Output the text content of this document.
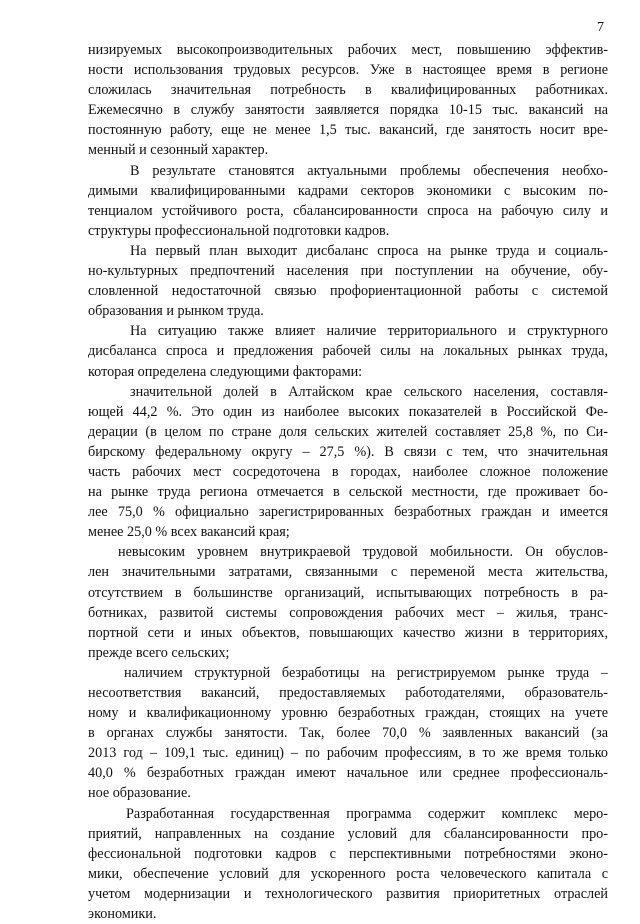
7
низируемых высокопроизводительных рабочих мест, повышению эффектив-
ности использования трудовых ресурсов. Уже в настоящее время в регионе
сложилась значительная потребность в квалифицированных работниках.
Ежемесячно в службу занятости заявляется порядка 10-15 тыс. вакансий на
постоянную работу, еще не менее 1,5 тыс. вакансий, где занятость носит вре-
менный и сезонный характер.
В результате становятся актуальными проблемы обеспечения необхо-
димыми квалифицированными кадрами секторов экономики с высоким по-
тенциалом устойчивого роста, сбалансированности спроса на рабочую силу и
структуры профессиональной подготовки кадров.
На первый план выходит дисбаланс спроса на рынке труда и социаль-
но-культурных предпочтений населения при поступлении на обучение, обу-
словленной недостаточной связью профориентационной работы с системой
образования и рынком труда.
На ситуацию также влияет наличие территориального и структурного
дисбаланса спроса и предложения рабочей силы на локальных рынках труда,
которая определена следующими факторами:
значительной долей в Алтайском крае сельского населения, составля-
ющей 44,2 %. Это один из наиболее высоких показателей в Российской Фе-
дерации (в целом по стране доля сельских жителей составляет 25,8 %, по Си-
бирскому федеральному округу – 27,5 %). В связи с тем, что значительная
часть рабочих мест сосредоточена в городах, наиболее сложное положение
на рынке труда региона отмечается в сельской местности, где проживает бо-
лее 75,0 % официально зарегистрированных безработных граждан и имеется
менее 25,0 % всех вакансий края;
невысоким уровнем внутрикраевой трудовой мобильности. Он обуслов-
лен значительными затратами, связанными с переменой места жительства,
отсутствием в большинстве организаций, испытывающих потребность в ра-
ботниках, развитой системы сопровождения рабочих мест – жилья, транс-
портной сети и иных объектов, повышающих качество жизни в территориях,
прежде всего сельских;
наличием структурной безработицы на регистрируемом рынке труда –
несоответствия вакансий, предоставляемых работодателями, образователь-
ному и квалификационному уровню безработных граждан, стоящих на учете
в органах службы занятости. Так, более 70,0 % заявленных вакансий (за
2013 год – 109,1 тыс. единиц) – по рабочим профессиям, в то же время только
40,0 % безработных граждан имеют начальное или среднее профессиональ-
ное образование.
Разработанная государственная программа содержит комплекс меро-
приятий, направленных на создание условий для сбалансированности про-
фессиональной подготовки кадров с перспективными потребностями эконо-
мики, обеспечение условий для ускоренного роста человеческого капитала с
учетом модернизации и технологического развития приоритетных отраслей
экономики.
